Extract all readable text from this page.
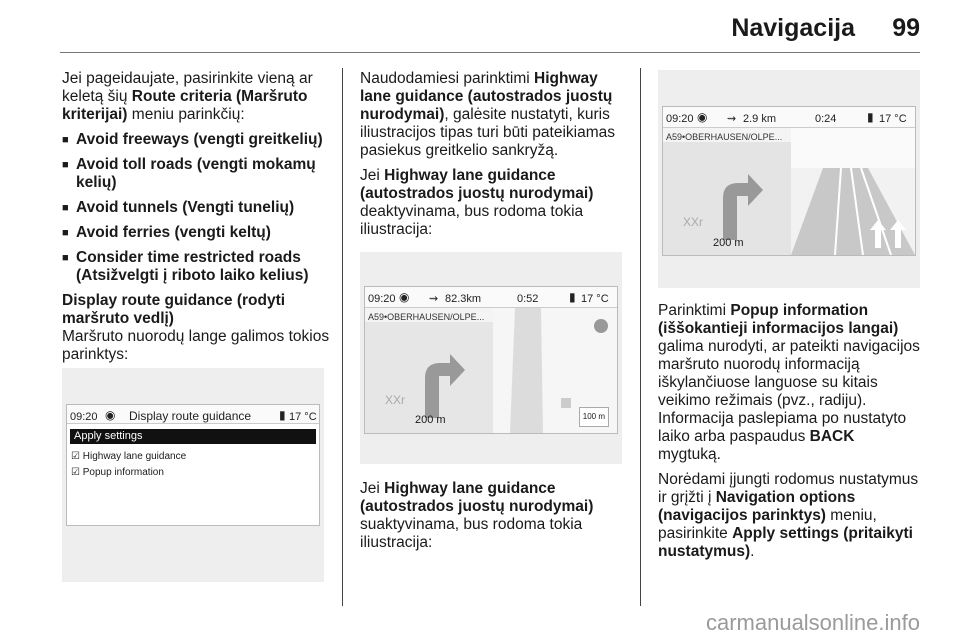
Navigacija 99

Jei pageidaujate, pasirinkite vieną ar keletą šių Route criteria (Maršruto kriterijai) meniu parinkčių:

■ Avoid freeways (vengti greitkelių)
■ Avoid toll roads (vengti mokamų kelių)
■ Avoid tunnels (Vengti tunelių)
■ Avoid ferries (vengti keltų)
■ Consider time restricted roads (Atsižvelgti į riboto laiko kelius)

Display route guidance (rodyti maršruto vedlį)
Maršruto nuorodų lange galimos tokios parinktys:

09:20 ◉ Display route guidance ▮ 17 °C
Apply settings
☑ Highway lane guidance
☑ Popup information

Naudodamiesi parinktimi Highway lane guidance (autostrados juostų nurodymai), galėsite nustatyti, kuris iliustracijos tipas turi būti pateikiamas pasiekus greitkelio sankryžą.

Jei Highway lane guidance (autostrados juostų nurodymai) deaktyvinama, bus rodoma tokia iliustracija:

09:20 ◉ ⇝ 82.3km	0:52	▮ 17 °C
A59•OBERHAUSEN/OLPE...
XXr
200 m	100 m

Jei Highway lane guidance (autostrados juostų nurodymai) suaktyvinama, bus rodoma tokia iliustracija:

09:20 ◉ ⇝ 2.9 km	0:24	▮ 17 °C
A59•OBERHAUSEN/OLPE...
XXr
200 m

Parinktimi Popup information (iššokantieji informacijos langai) galima nurodyti, ar pateikti navigacijos maršruto nuorodų informaciją iškylančiuose languose su kitais veikimo režimais (pvz., radiju). Informacija paslepiama po nustatyto laiko arba paspaudus BACK mygtuką.

Norėdami įjungti rodomus nustatymus ir grįžti į Navigation options (navigacijos parinktys) meniu, pasirinkite Apply settings (pritaikyti nustatymus).

carmanualsonline.info
